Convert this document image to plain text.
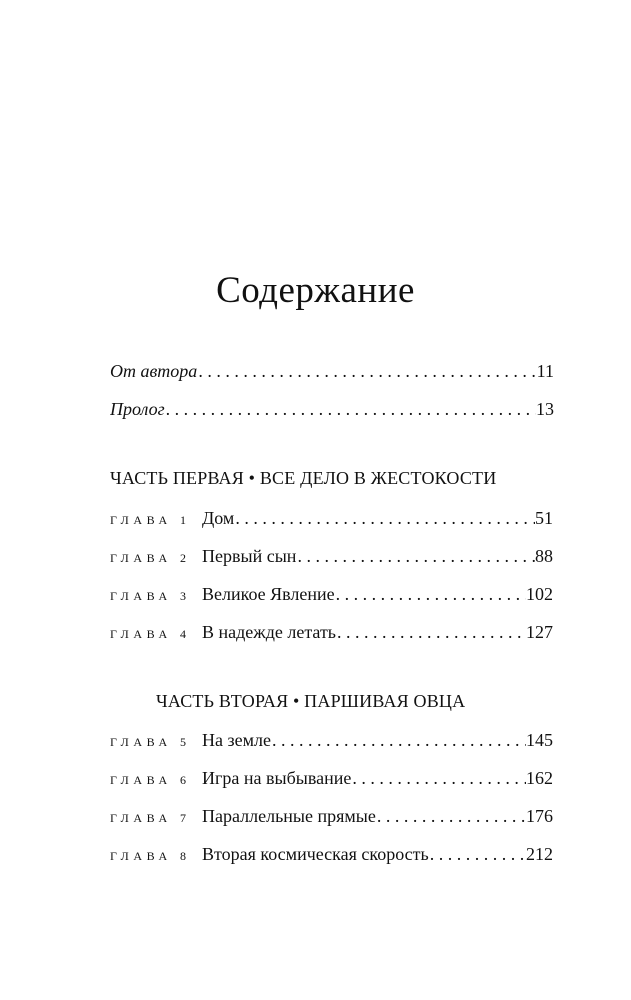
Содержание
От автора . . .	11
Пролог . . .	13
ЧАСТЬ ПЕРВАЯ • ВСЕ ДЕЛО В ЖЕСТОКОСТИ
ГЛАВА 1 Дом . . .	51
ГЛАВА 2 Первый сын . . .	88
ГЛАВА 3 Великое Явление . . .	102
ГЛАВА 4 В надежде летать . . .	127
ЧАСТЬ ВТОРАЯ • ПАРШИВАЯ ОВЦА
ГЛАВА 5 На земле . . .	145
ГЛАВА 6 Игра на выбывание . . .	162
ГЛАВА 7 Параллельные прямые . . .	176
ГЛАВА 8 Вторая космическая скорость . . .	212
